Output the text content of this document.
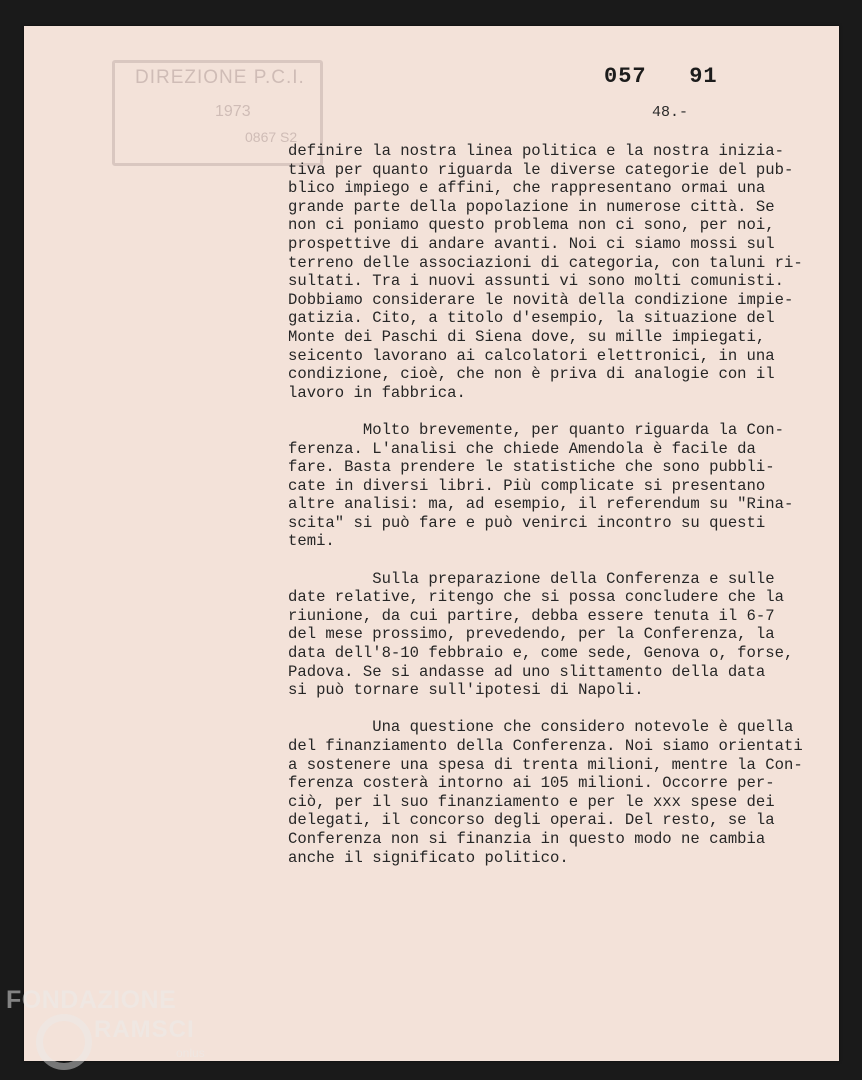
DIREZIONE P.C.I.
1973
0867 S2
057   91
48.-
definire la nostra linea politica e la nostra inizia-
tiva per quanto riguarda le diverse categorie del pub-
blico impiego e affini, che rappresentano ormai una
grande parte della popolazione in numerose città. Se
non ci poniamo questo problema non ci sono, per noi,
prospettive di andare avanti. Noi ci siamo mossi sul
terreno delle associazioni di categoria, con taluni ri-
sultati. Tra i nuovi assunti vi sono molti comunisti.
Dobbiamo considerare le novità della condizione impie-
gatizia. Cito, a titolo d'esempio, la situazione del
Monte dei Paschi di Siena dove, su mille impiegati,
seicento lavorano ai calcolatori elettronici, in una
condizione, cioè, che non è priva di analogie con il
lavoro in fabbrica.
Molto brevemente, per quanto riguarda la Con-
ferenza. L'analisi che chiede Amendola è facile da
fare. Basta prendere le statistiche che sono pubbli-
cate in diversi libri. Più complicate si presentano
altre analisi: ma, ad esempio, il referendum su "Rina-
scita" si può fare e può venirci incontro su questi
temi.
Sulla preparazione della Conferenza e sulle
date relative, ritengo che si possa concludere che la
riunione, da cui partire, debba essere tenuta il 6-7
del mese prossimo, prevedendo, per la Conferenza, la
data dell'8-10 febbraio e, come sede, Genova o, forse,
Padova. Se si andasse ad uno slittamento della data
si può tornare sull'ipotesi di Napoli.
Una questione che considero notevole è quella
del finanziamento della Conferenza. Noi siamo orientati
a sostenere una spesa di trenta milioni, mentre la Con-
ferenza costerà intorno ai 105 milioni. Occorre per-
ciò, per il suo finanziamento e per le xxx spese dei
delegati, il concorso degli operai. Del resto, se la
Conferenza non si finanzia in questo modo ne cambia
anche il significato politico.
FONDAZIONE
RAMSCI
onlus
